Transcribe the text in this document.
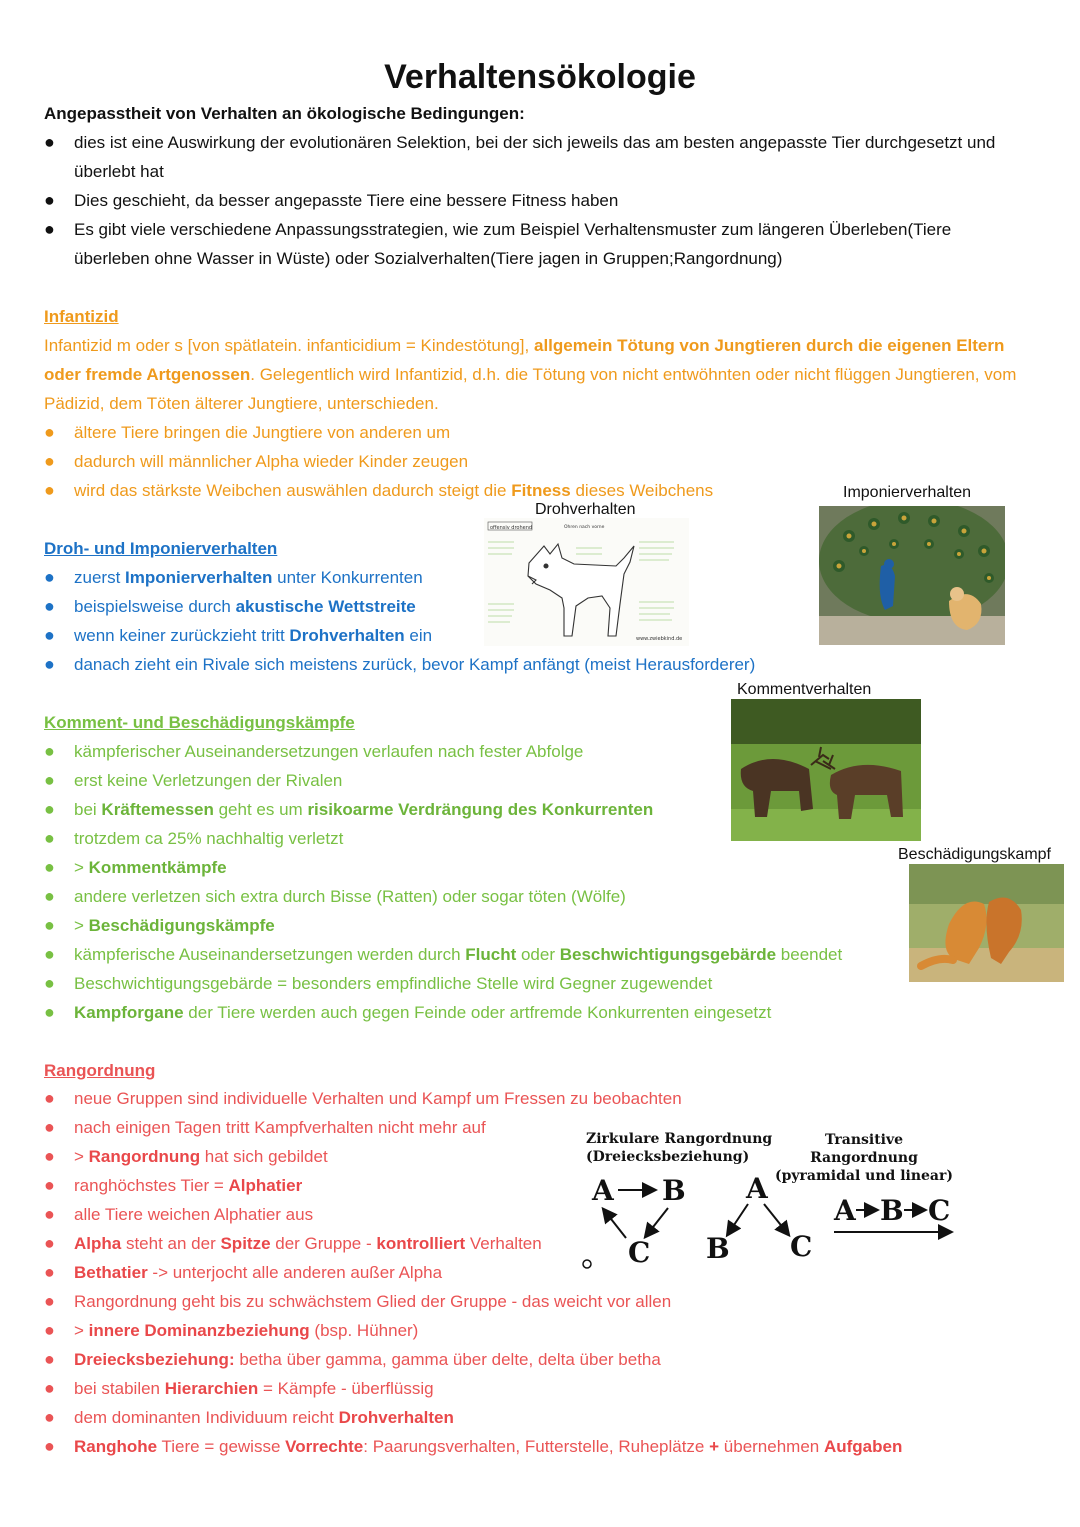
Verhaltensökologie
Angepasstheit von Verhalten an ökologische Bedingungen:
● dies ist eine Auswirkung der evolutionären Selektion, bei der sich jeweils das am besten angepasste Tier durchgesetzt und überlebt hat
● Dies geschieht, da besser angepasste Tiere eine bessere Fitness haben
● Es gibt viele verschiedene Anpassungsstrategien, wie zum Beispiel Verhaltensmuster zum längeren Überleben(Tiere überleben ohne Wasser in Wüste) oder Sozialverhalten(Tiere jagen in Gruppen;Rangordnung)
Infantizid
Infantizid m oder s [von spätlatein. infanticidium = Kindestötung], allgemein Tötung von Jungtieren durch die eigenen Eltern oder fremde Artgenossen. Gelegentlich wird Infantizid, d.h. die Tötung von nicht entwöhnten oder nicht flüggen Jungtieren, vom Pädizid, dem Töten älterer Jungtiere, unterschieden.
● ältere Tiere bringen die Jungtiere von anderen um
● dadurch will männlicher Alpha wieder Kinder zeugen
● wird das stärkste Weibchen auswählen dadurch steigt die Fitness dieses Weibchens
Drohverhalten
Imponierverhalten
Droh- und Imponierverhalten
● zuerst Imponierverhalten unter Konkurrenten
● beispielsweise durch akustische Wettstreite
● wenn keiner zurückzieht tritt Drohverhalten ein
● danach zieht ein Rivale sich meistens zurück, bevor Kampf anfängt (meist Herausforderer)
offensiv drohend	Ohren nach vorne
www.zwiebkind.de
Kommentverhalten
Beschädigungskampf
Komment- und Beschädigungskämpfe
● kämpferischer Auseinandersetzungen verlaufen nach fester Abfolge
● erst keine Verletzungen der Rivalen
● bei Kräftemessen geht es um risikoarme Verdrängung des Konkurrenten
● trotzdem ca 25% nachhaltig verletzt
● > Kommentkämpfe
● andere verletzen sich extra durch Bisse (Ratten) oder sogar töten (Wölfe)
● > Beschädigungskämpfe
● kämpferische Auseinandersetzungen werden durch Flucht oder Beschwichtigungsgebärde beendet
● Beschwichtigungsgebärde = besonders empfindliche Stelle wird Gegner zugewendet
● Kampforgane der Tiere werden auch gegen Feinde oder artfremde Konkurrenten eingesetzt
Rangordnung
● neue Gruppen sind individuelle Verhalten und Kampf um Fressen zu beobachten
● nach einigen Tagen tritt Kampfverhalten nicht mehr auf
● > Rangordnung hat sich gebildet
● ranghöchstes Tier = Alphatier
● alle Tiere weichen Alphatier aus
● Alpha steht an der Spitze der Gruppe - kontrolliert Verhalten
● Bethatier -> unterjocht alle anderen außer Alpha
● Rangordnung geht bis zu schwächstem Glied der Gruppe - das weicht vor allen
● > innere Dominanzbeziehung (bsp. Hühner)
● Dreiecksbeziehung: betha über gamma, gamma über delte, delta über betha
● bei stabilen Hierarchien = Kämpfe - überflüssig
● dem dominanten Individuum reicht Drohverhalten
● Ranghohe Tiere = gewisse Vorrechte: Paarungsverhalten, Futterstelle, Ruheplätze + übernehmen Aufgaben
Zirkulare Rangordnung
(Dreiecksbeziehung)
Transitive Rangordnung
(pyramidal und linear)
A B
C
A
B C
A B C
